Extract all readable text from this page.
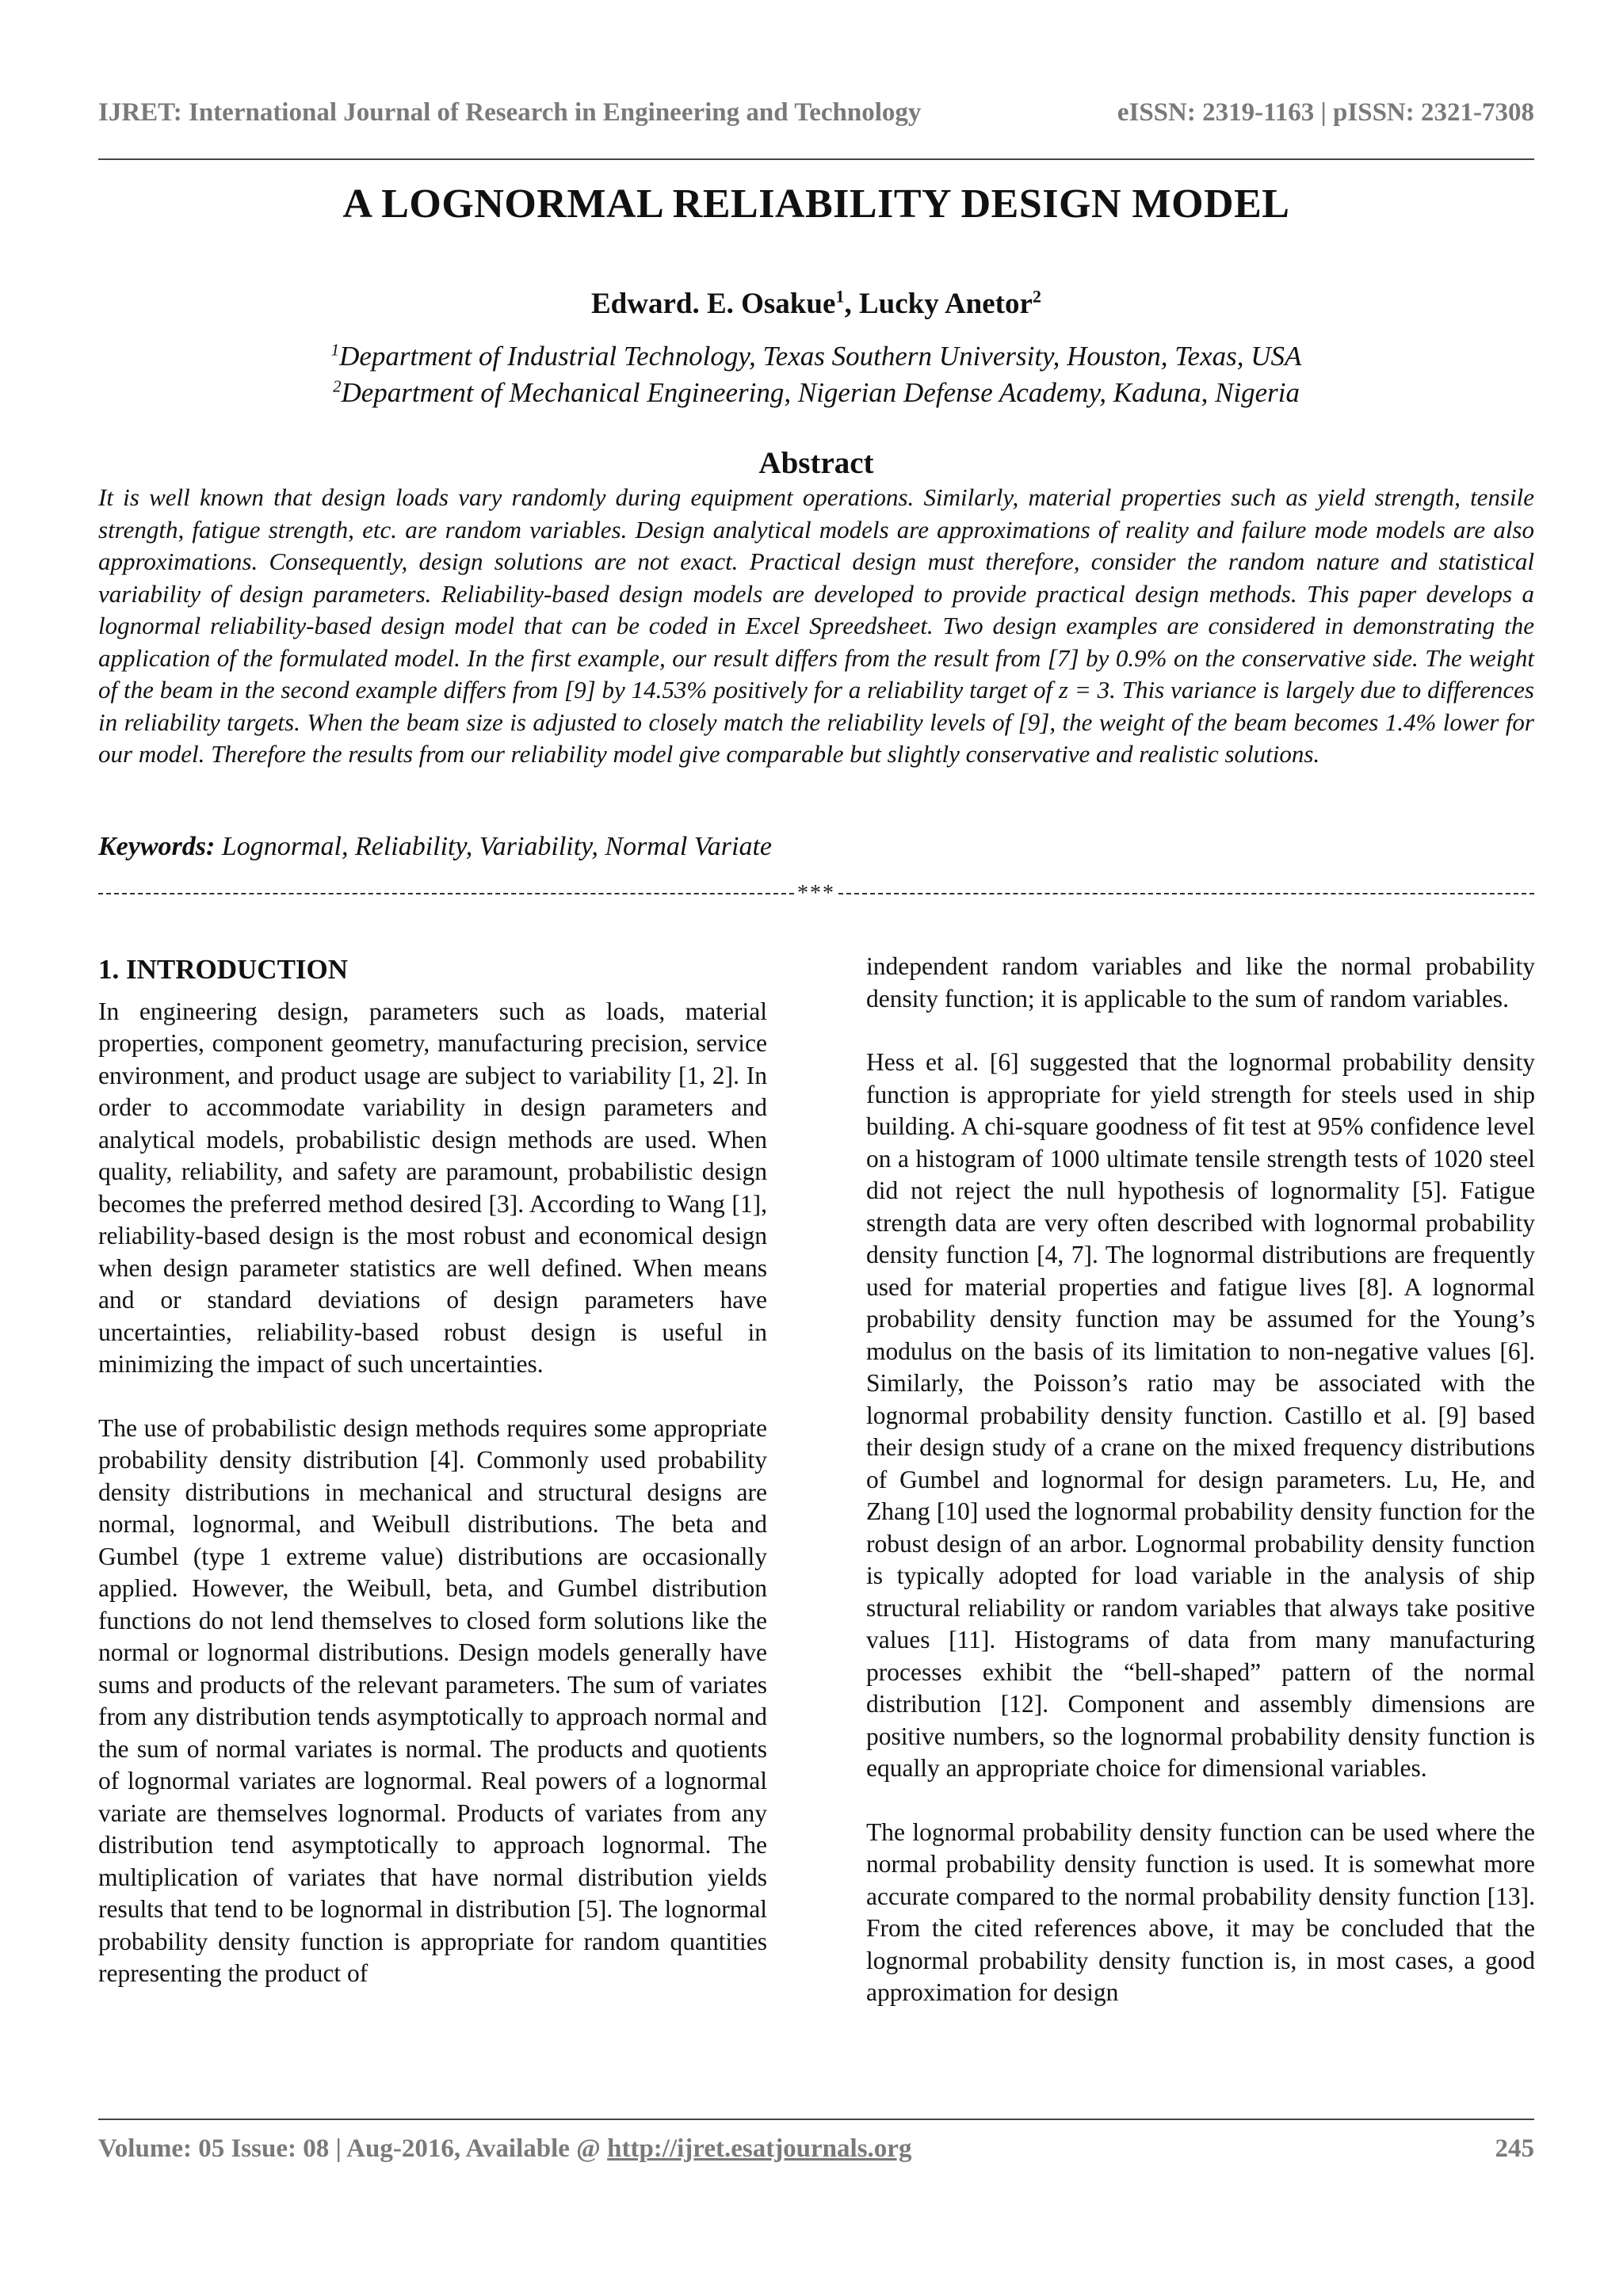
IJRET: International Journal of Research in Engineering and Technology	eISSN: 2319-1163 | pISSN: 2321-7308
A LOGNORMAL RELIABILITY DESIGN MODEL
Edward. E. Osakue$^1$, Lucky Anetor$^2$
$^1$Department of Industrial Technology, Texas Southern University, Houston, Texas, USA
$^2$Department of Mechanical Engineering, Nigerian Defense Academy, Kaduna, Nigeria
Abstract
It is well known that design loads vary randomly during equipment operations. Similarly, material properties such as yield strength, tensile strength, fatigue strength, etc. are random variables. Design analytical models are approximations of reality and failure mode models are also approximations. Consequently, design solutions are not exact. Practical design must therefore, consider the random nature and statistical variability of design parameters. Reliability-based design models are developed to provide practical design methods. This paper develops a lognormal reliability-based design model that can be coded in Excel Spreedsheet. Two design examples are considered in demonstrating the application of the formulated model. In the first example, our result differs from the result from [7] by 0.9% on the conservative side. The weight of the beam in the second example differs from [9] by 14.53% positively for a reliability target of z = 3. This variance is largely due to differences in reliability targets. When the beam size is adjusted to closely match the reliability levels of [9], the weight of the beam becomes 1.4% lower for our model. Therefore the results from our reliability model give comparable but slightly conservative and realistic solutions.
Keywords: Lognormal, Reliability, Variability, Normal Variate
***
1. INTRODUCTION

In engineering design, parameters such as loads, material properties, component geometry, manufacturing precision, service environment, and product usage are subject to variability [1, 2]. In order to accommodate variability in design parameters and analytical models, probabilistic design methods are used. When quality, reliability, and safety are paramount, probabilistic design becomes the preferred method desired [3]. According to Wang [1], reliability-based design is the most robust and economical design when design parameter statistics are well defined. When means and or standard deviations of design parameters have uncertainties, reliability-based robust design is useful in minimizing the impact of such uncertainties.

The use of probabilistic design methods requires some appropriate probability density distribution [4]. Commonly used probability density distributions in mechanical and structural designs are normal, lognormal, and Weibull distributions. The beta and Gumbel (type 1 extreme value) distributions are occasionally applied. However, the Weibull, beta, and Gumbel distribution functions do not lend themselves to closed form solutions like the normal or lognormal distributions. Design models generally have sums and products of the relevant parameters. The sum of variates from any distribution tends asymptotically to approach normal and the sum of normal variates is normal. The products and quotients of lognormal variates are lognormal. Real powers of a lognormal variate are themselves lognormal. Products of variates from any distribution tend asymptotically to approach lognormal. The multiplication of variates that have normal distribution yields results that tend to be lognormal in distribution [5]. The lognormal probability density function is appropriate for random quantities representing the product of

independent random variables and like the normal probability density function; it is applicable to the sum of random variables.

Hess et al. [6] suggested that the lognormal probability density function is appropriate for yield strength for steels used in ship building. A chi-square goodness of fit test at 95% confidence level on a histogram of 1000 ultimate tensile strength tests of 1020 steel did not reject the null hypothesis of lognormality [5]. Fatigue strength data are very often described with lognormal probability density function [4, 7]. The lognormal distributions are frequently used for material properties and fatigue lives [8]. A lognormal probability density function may be assumed for the Young’s modulus on the basis of its limitation to non-negative values [6]. Similarly, the Poisson’s ratio may be associated with the lognormal probability density function. Castillo et al. [9] based their design study of a crane on the mixed frequency distributions of Gumbel and lognormal for design parameters. Lu, He, and Zhang [10] used the lognormal probability density function for the robust design of an arbor. Lognormal probability density function is typically adopted for load variable in the analysis of ship structural reliability or random variables that always take positive values [11]. Histograms of data from many manufacturing processes exhibit the “bell-shaped” pattern of the normal distribution [12]. Component and assembly dimensions are positive numbers, so the lognormal probability density function is equally an appropriate choice for dimensional variables.

The lognormal probability density function can be used where the normal probability density function is used. It is somewhat more accurate compared to the normal probability density function [13]. From the cited references above, it may be concluded that the lognormal probability density function is, in most cases, a good approximation for design

Volume: 05 Issue: 08 | Aug-2016, Available @ http://ijret.esatjournals.org	245
